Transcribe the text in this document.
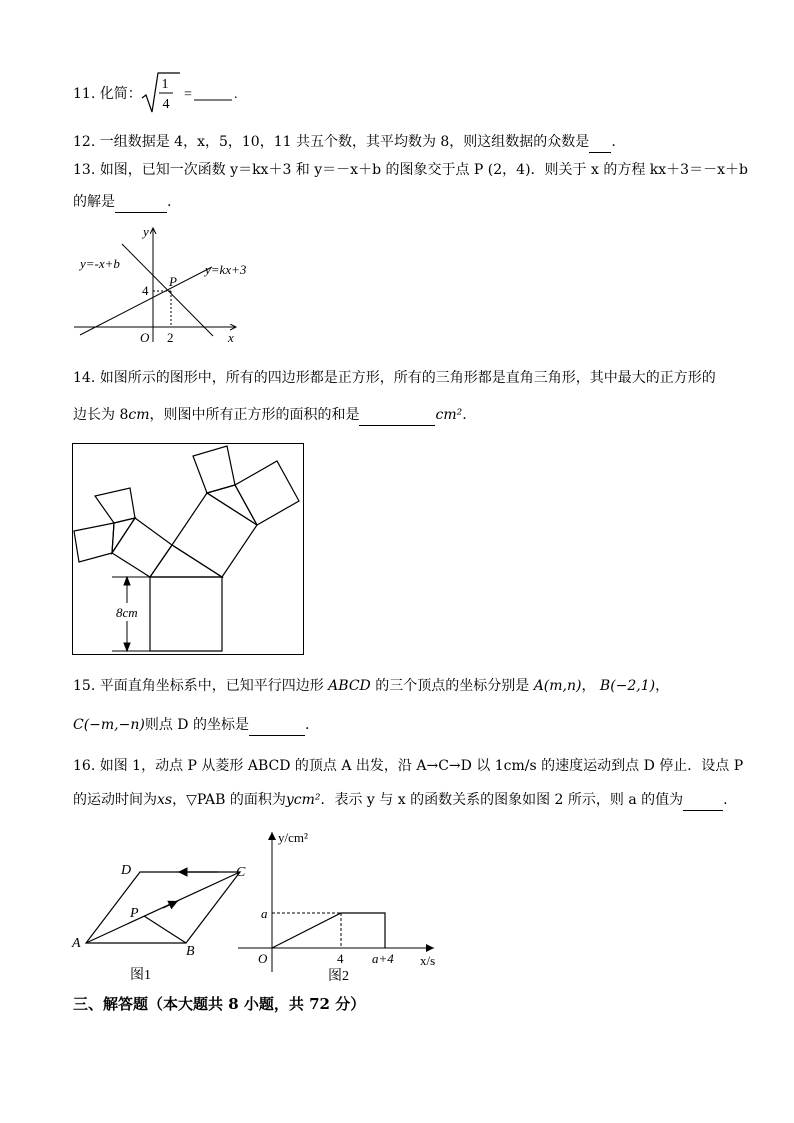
11. 化简：
1
4
=	.
12. 一组数据是 4，x，5，10，11 共五个数，其平均数为 8，则这组数据的众数是 .
13. 如图，已知一次函数 y＝kx＋3 和 y＝－x＋b 的图象交于点 P (2，4)．则关于 x 的方程 kx＋3＝－x＋b
的解是	.
y=-x+b	y=kx+3
y
x
O
P
2
4
14. 如图所示的图形中，所有的四边形都是正方形，所有的三角形都是直角三角形，其中最大的正方形的
边长为 8cm，则图中所有正方形的面积的和是	cm².
8cm
15. 平面直角坐标系中，已知平行四边形 ABCD 的三个顶点的坐标分别是 A(m,n)， B(−2,1)，
C(−m,−n)则点 D 的坐标是	.
16. 如图 1，动点 P 从菱形 ABCD 的顶点 A 出发，沿 A→C→D 以 1cm/s 的速度运动到点 D 停止．设点 P
的运动时间为xs，▽PAB 的面积为ycm²．表示 y 与 x 的函数关系的图象如图 2 所示，则 a 的值为	.
A
B
C
D
P
图1
y/cm²
x/s
O
a
4 a+4
图2
三、解答题（本大题共 8 小题，共 72 分）
